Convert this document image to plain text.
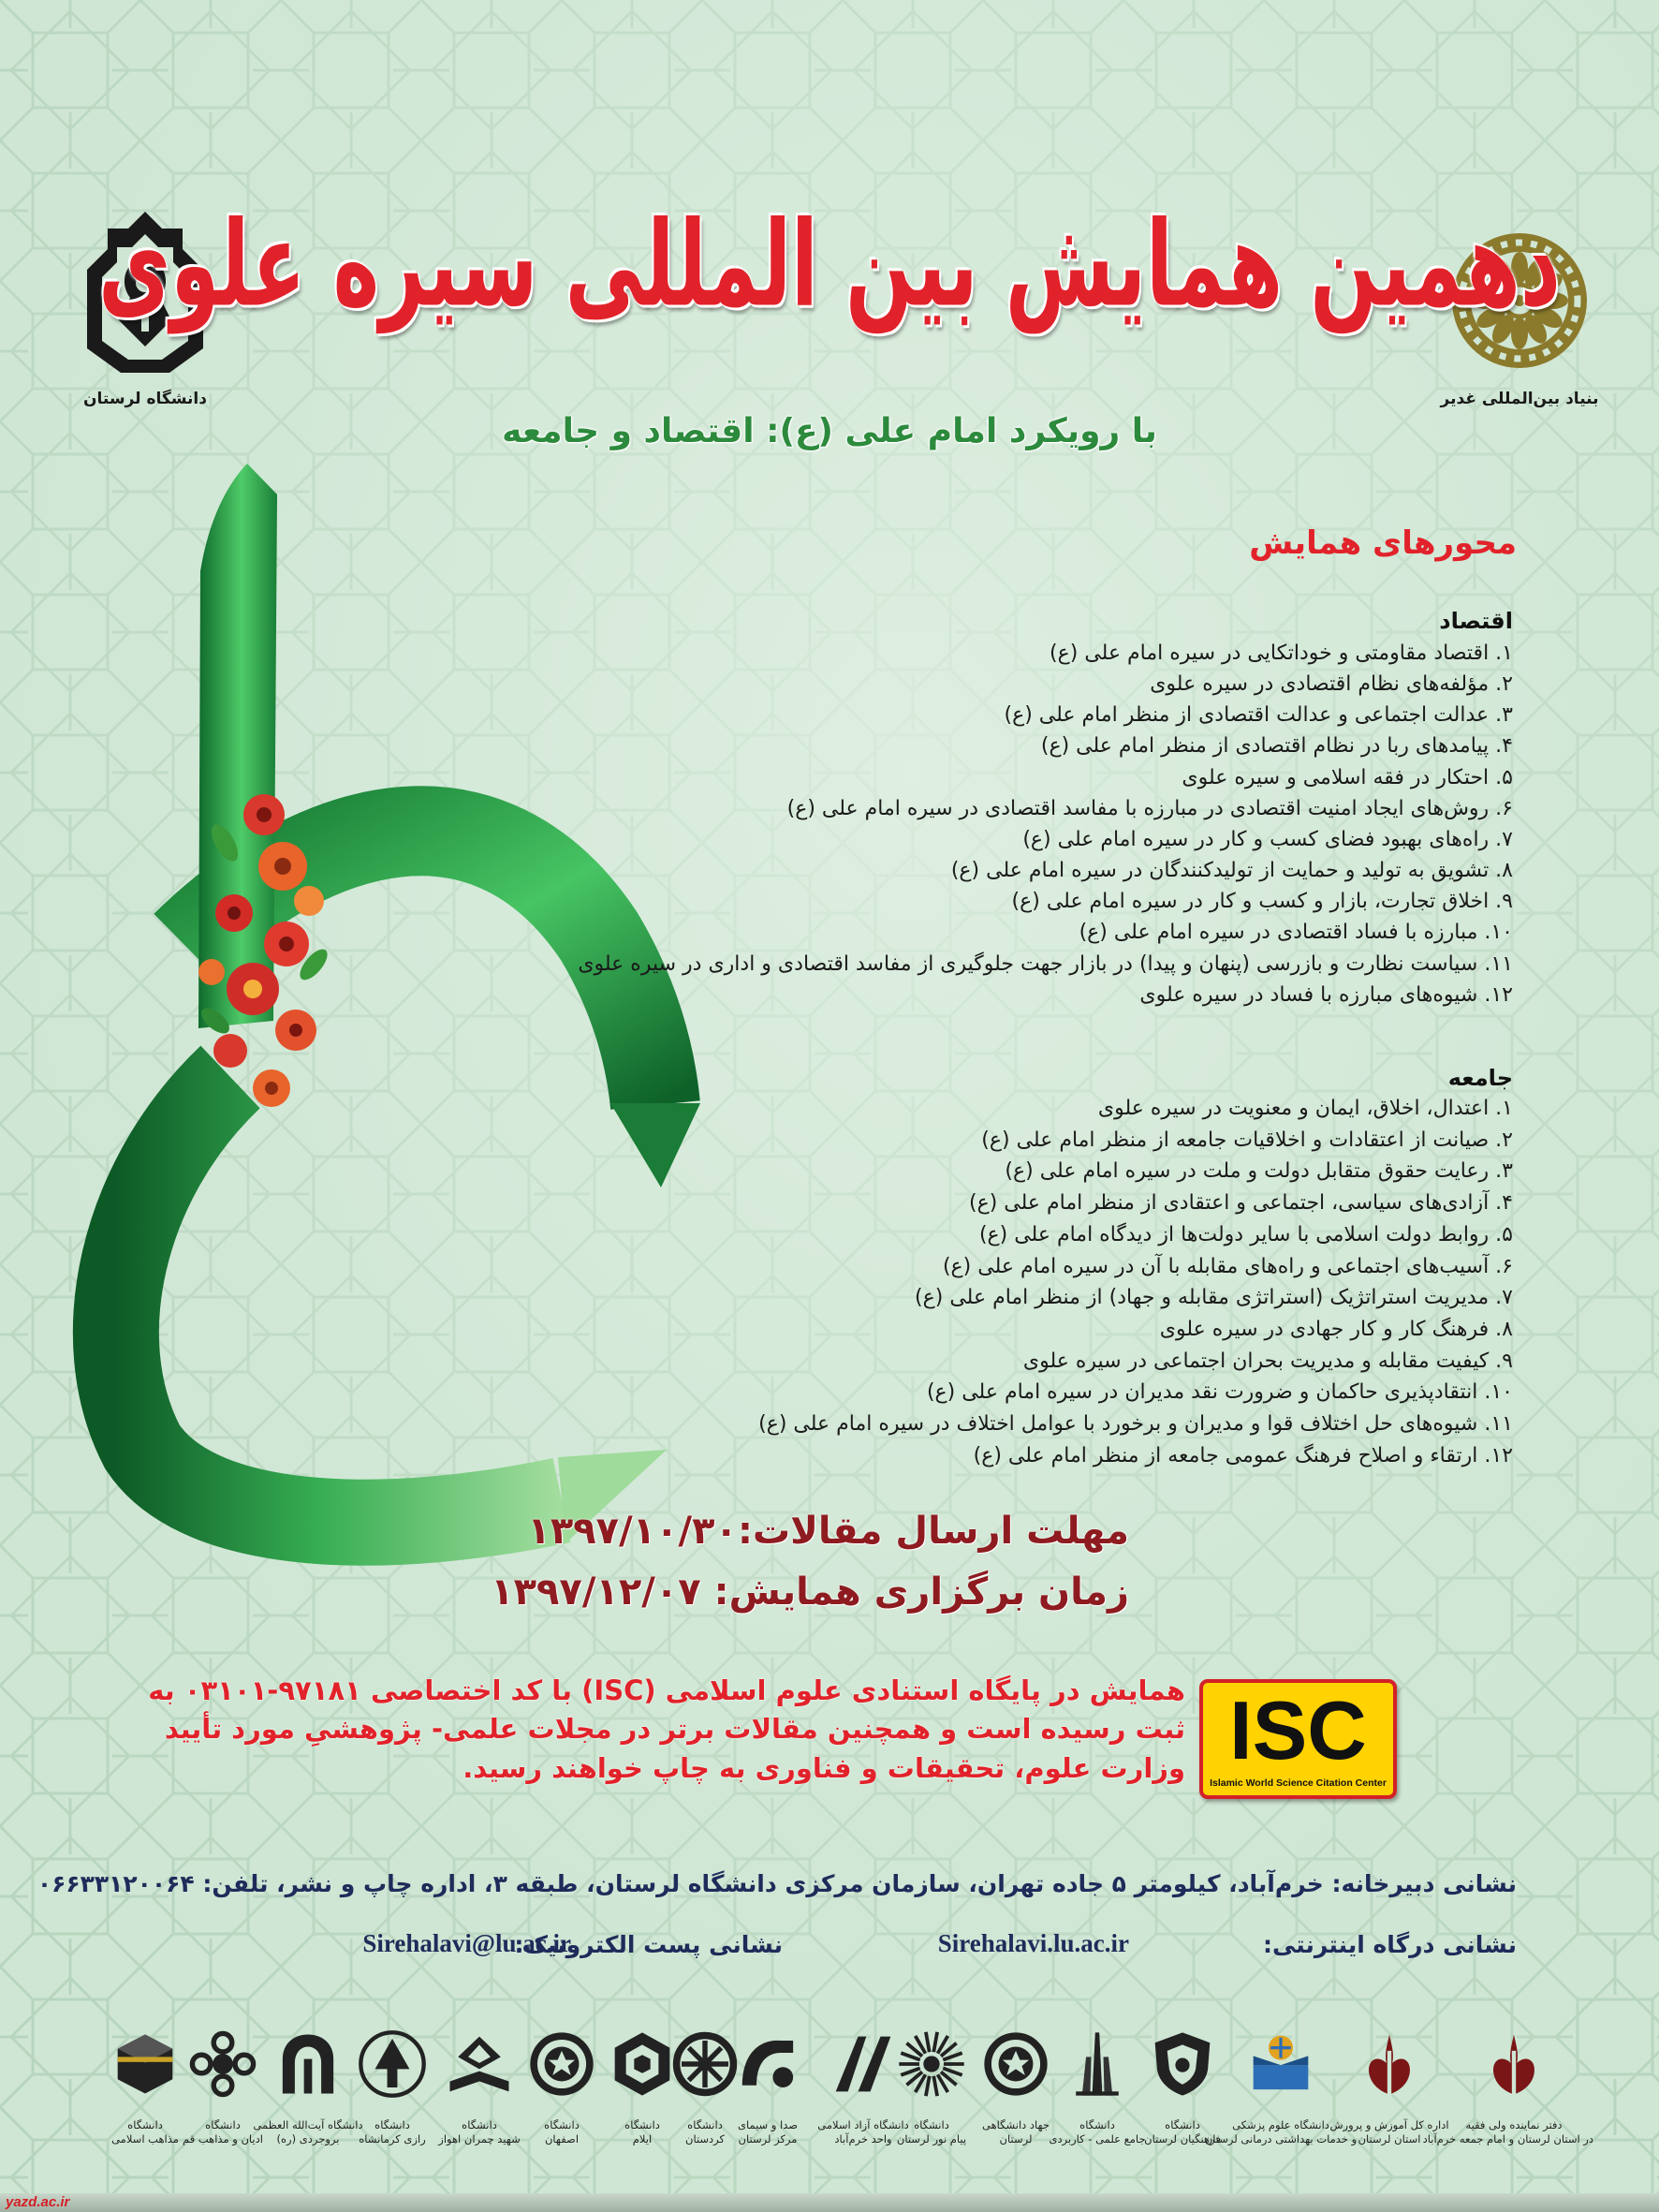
دانشگاه لرستان	بنیاد بین‌المللی غدیر
دهمین همایش بین المللی سیره علوی
با رویکرد امام علی (ع): اقتصاد و جامعه
محورهای همایش
اقتصاد
۱. اقتصاد مقاومتی و خوداتکایی در سیره امام علی (ع)
۲. مؤلفه‌های نظام اقتصادی در سیره علوی
۳. عدالت اجتماعی و عدالت اقتصادی از منظر امام علی (ع)
۴. پیامدهای ربا در نظام اقتصادی از منظر امام علی (ع)
۵. احتکار در فقه اسلامی و سیره علوی
۶. روش‌های ایجاد امنیت اقتصادی در مبارزه با مفاسد اقتصادی در سیره امام علی (ع)
۷. راه‌های بهبود فضای کسب و کار در سیره امام علی (ع)
۸. تشویق به تولید و حمایت از تولیدکنندگان در سیره امام علی (ع)
۹. اخلاق تجارت، بازار و کسب و کار در سیره امام علی (ع)
۱۰. مبارزه با فساد اقتصادی در سیره امام علی (ع)
۱۱. سیاست نظارت و بازرسی (پنهان و پیدا) در بازار جهت جلوگیری از مفاسد اقتصادی و اداری در سیره علوی
۱۲. شیوه‌های مبارزه با فساد در سیره علوی
جامعه
۱. اعتدال، اخلاق، ایمان و معنویت در سیره علوی
۲. صیانت از اعتقادات و اخلاقیات جامعه از منظر امام علی (ع)
۳. رعایت حقوق متقابل دولت و ملت در سیره امام علی (ع)
۴. آزادی‌های سیاسی، اجتماعی و اعتقادی از منظر امام علی (ع)
۵. روابط دولت اسلامی با سایر دولت‌ها از دیدگاه امام علی (ع)
۶. آسیب‌های اجتماعی و راه‌های مقابله با آن در سیره امام علی (ع)
۷. مدیریت استراتژیک (استراتژی مقابله و جهاد) از منظر امام علی (ع)
۸. فرهنگ کار و کار جهادی در سیره علوی
۹. کیفیت مقابله و مدیریت بحران اجتماعی در سیره علوی
۱۰. انتقادپذیری حاکمان و ضرورت نقد مدیران در سیره امام علی (ع)
۱۱. شیوه‌های حل اختلاف قوا و مدیران و برخورد با عوامل اختلاف در سیره امام علی (ع)
۱۲. ارتقاء و اصلاح فرهنگ عمومی جامعه از منظر امام علی (ع)
مهلت ارسال مقالات:۱۳۹۷/۱۰/۳۰
زمان برگزاری همایش: ۱۳۹۷/۱۲/۰۷
همایش در پایگاه استنادی علوم اسلامی (ISC) با کد اختصاصی ۹۷۱۸۱-۰۳۱۰۱ به
ثبت رسیده است و همچنین مقالات برتر در مجلات علمی- پژوهشیِ مورد تأیید
وزارت علوم، تحقیقات و فناوری به چاپ خواهند رسید. ISC
Islamic World Science Citation Center
نشانی دبیرخانه: خرم‌آباد، کیلومتر ۵ جاده تهران، سازمان مرکزی دانشگاه لرستان، طبقه ۳، اداره چاپ و نشر، تلفن: ۰۶۶۳۳۱۲۰۰۶۴
نشانی درگاه اینترنتی:
Sirehalavi.lu.ac.ir
نشانی پست الکترونیک:
Sirehalavi@lu.ac.ir
دفتر نماینده ولی فقیه
در استان لرستان و امام جمعه خرم‌آباد
اداره کل آموزش و پرورش
استان لرستان
دانشگاه علوم پزشکی
و خدمات بهداشتی درمانی لرستان
دانشگاه
فرهنگیان لرستان
دانشگاه
جامع علمی - کاربردی
جهاد دانشگاهی
لرستان
دانشگاه
پیام نور لرستان
دانشگاه آزاد اسلامی
واحد خرم‌آباد
صدا و سیمای
مرکز لرستان
دانشگاه
کردستان
دانشگاه
ایلام
دانشگاه
اصفهان
دانشگاه
شهید چمران اهواز
دانشگاه
رازی کرمانشاه
دانشگاه آیت‌الله العظمی
بروجردی (ره)
دانشگاه
ادیان و مذاهب قم
دانشگاه
مذاهب اسلامی
yazd.ac.ir
